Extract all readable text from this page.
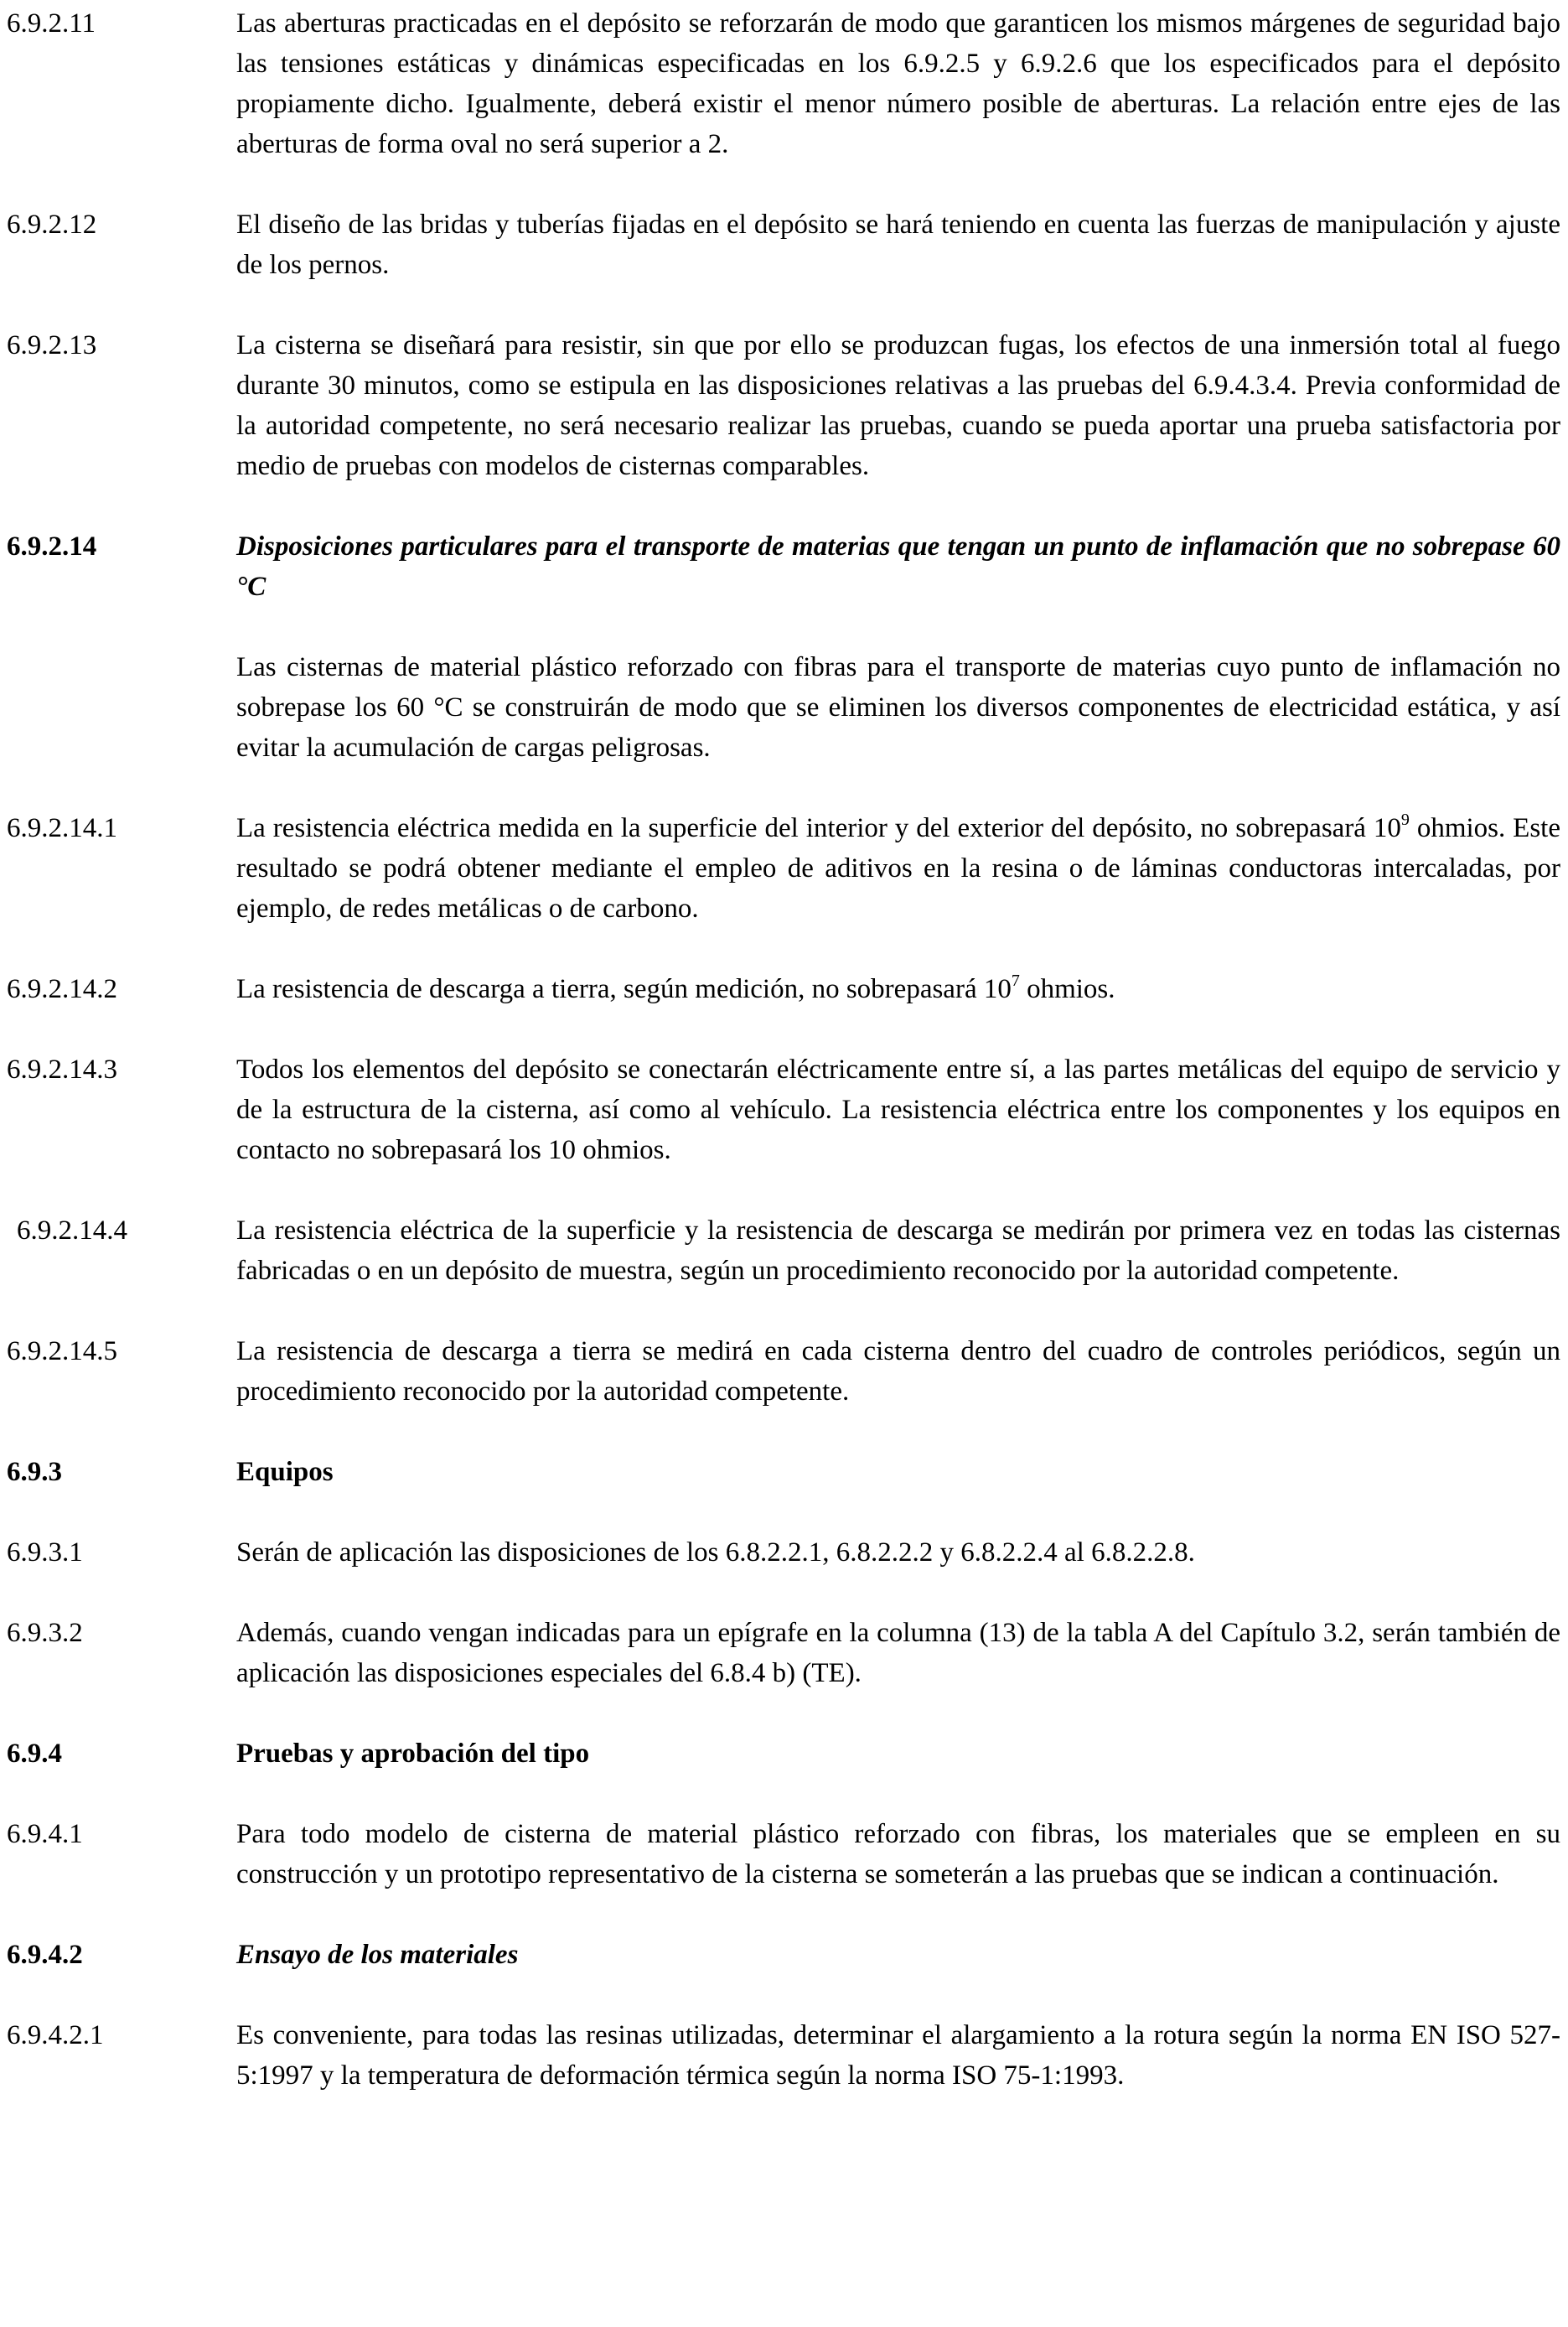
6.9.2.11	Las aberturas practicadas en el depósito se reforzarán de modo que garanticen los mismos márgenes de seguridad bajo las tensiones estáticas y dinámicas especificadas en los 6.9.2.5 y 6.9.2.6 que los especificados para el depósito propiamente dicho. Igualmente, deberá existir el menor número posible de aberturas. La relación entre ejes de las aberturas de forma oval no será superior a 2.
6.9.2.12	El diseño de las bridas y tuberías fijadas en el depósito se hará teniendo en cuenta las fuerzas de manipulación y ajuste de los pernos.
6.9.2.13	La cisterna se diseñará para resistir, sin que por ello se produzcan fugas, los efectos de una inmersión total al fuego durante 30 minutos, como se estipula en las disposiciones relativas a las pruebas del 6.9.4.3.4. Previa conformidad de la autoridad competente, no será necesario realizar las pruebas, cuando se pueda aportar una prueba satisfactoria por medio de pruebas con modelos de cisternas comparables.
6.9.2.14	Disposiciones particulares para el transporte de materias que tengan un punto de inflamación que no sobrepase 60 °C
Las cisternas de material plástico reforzado con fibras para el transporte de materias cuyo punto de inflamación no sobrepase los 60 °C se construirán de modo que se eliminen los diversos componentes de electricidad estática, y así evitar la acumulación de cargas peligrosas.
6.9.2.14.1	La resistencia eléctrica medida en la superficie del interior y del exterior del depósito, no sobrepasará $10^9$ ohmios. Este resultado se podrá obtener mediante el empleo de aditivos en la resina o de láminas conductoras intercaladas, por ejemplo, de redes metálicas o de carbono.
6.9.2.14.2	La resistencia de descarga a tierra, según medición, no sobrepasará $10^7$ ohmios.
6.9.2.14.3	Todos los elementos del depósito se conectarán eléctricamente entre sí, a las partes metálicas del equipo de servicio y de la estructura de la cisterna, así como al vehículo. La resistencia eléctrica entre los componentes y los equipos en contacto no sobrepasará los 10 ohmios.
6.9.2.14.4	La resistencia eléctrica de la superficie y la resistencia de descarga se medirán por primera vez en todas las cisternas fabricadas o en un depósito de muestra, según un procedimiento reconocido por la autoridad competente.
6.9.2.14.5	La resistencia de descarga a tierra se medirá en cada cisterna dentro del cuadro de controles periódicos, según un procedimiento reconocido por la autoridad competente.
6.9.3	Equipos
6.9.3.1	Serán de aplicación las disposiciones de los 6.8.2.2.1, 6.8.2.2.2 y 6.8.2.2.4 al 6.8.2.2.8.
6.9.3.2	Además, cuando vengan indicadas para un epígrafe en la columna (13) de la tabla A del Capítulo 3.2, serán también de aplicación las disposiciones especiales del 6.8.4 b) (TE).
6.9.4	Pruebas y aprobación del tipo
6.9.4.1	Para todo modelo de cisterna de material plástico reforzado con fibras, los materiales que se empleen en su construcción y un prototipo representativo de la cisterna se someterán a las pruebas que se indican a continuación.
6.9.4.2	Ensayo de los materiales
6.9.4.2.1	Es conveniente, para todas las resinas utilizadas, determinar el alargamiento a la rotura según la norma EN ISO 527-5:1997 y la temperatura de deformación térmica según la norma ISO 75-1:1993.
